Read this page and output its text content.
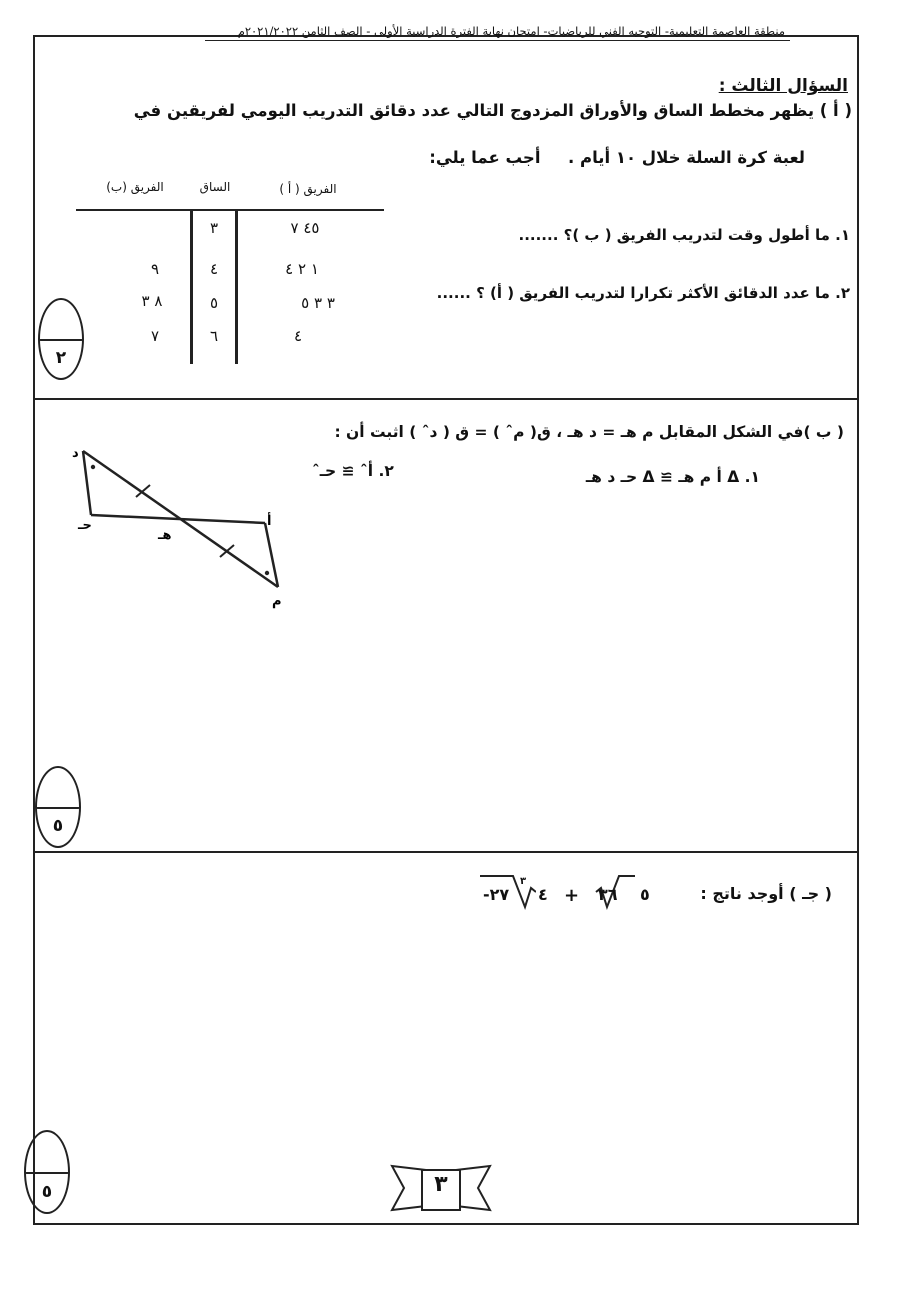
منطقة العاصمة التعليمية- التوجيه الفني للرياضيات- امتحان نهاية الفترة الدراسية الأولى - الصف الثامن ٢٠٢١/٢٠٢٢م
السؤال الثالث :
( أ ) يظهر مخطط الساق والأوراق المزدوج التالي عدد دقائق التدريب اليومي لفريقين في
لعبة كرة السلة خلال ١٠ أيام .  أجب عما يلي:
١. ما أطول وقت لتدريب الفريق ( ب )؟ .......
٢. ما عدد الدقائق الأكثر تكرارا لتدريب الفريق ( أ) ؟ ......
الفريق ( أ )
الساق
الفريق (ب)
٤٥ ٧
٣
١ ٢ ٤
٤
٩
٣ ٣ ٥
٥
٨ ٣
٤
٦
٧
٢
( ب )في الشكل المقابل م هـ = د هـ ، ق( مˆ ) = ق ( دˆ ) اثبت أن :
١. Δ أ م هـ ≅ Δ حـ د هـ
٢. أˆ ≅ حـˆ
د
حـ
هـ
أ
م
٥
( جـ ) أوجد ناتج :
٥
٣٦
+
٤
٣
-٢٧
٥	٣
